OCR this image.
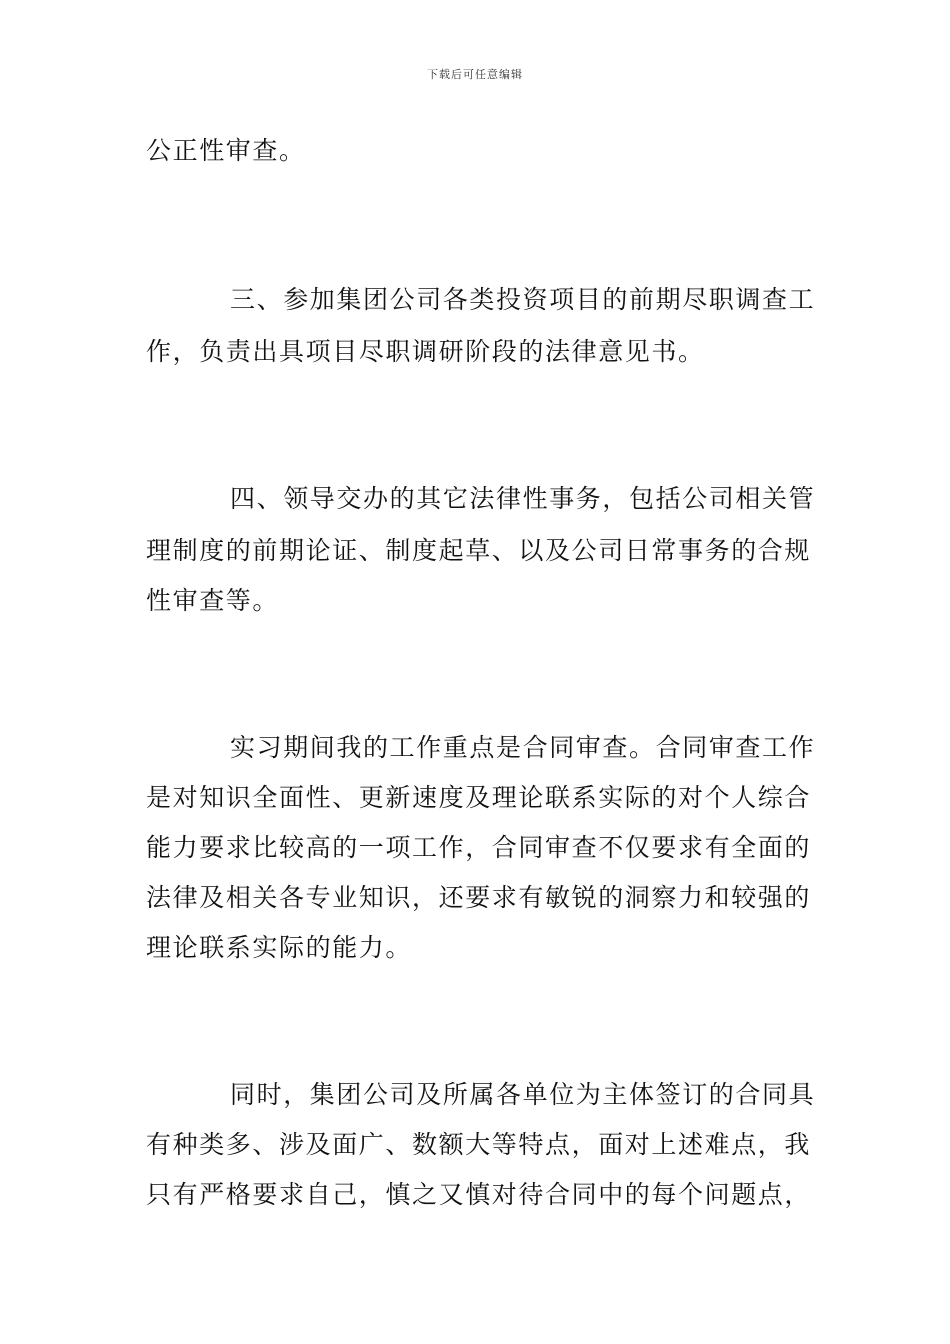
下载后可任意编辑
公正性审查。
三、参加集团公司各类投资项目的前期尽职调查工
作，负责出具项目尽职调研阶段的法律意见书。
四、领导交办的其它法律性事务，包括公司相关管
理制度的前期论证、制度起草、以及公司日常事务的合规
性审查等。
实习期间我的工作重点是合同审查。合同审查工作
是对知识全面性、更新速度及理论联系实际的对个人综合
能力要求比较高的一项工作，合同审查不仅要求有全面的
法律及相关各专业知识，还要求有敏锐的洞察力和较强的
理论联系实际的能力。
同时，集团公司及所属各单位为主体签订的合同具
有种类多、涉及面广、数额大等特点，面对上述难点，我
只有严格要求自己，慎之又慎对待合同中的每个问题点，
